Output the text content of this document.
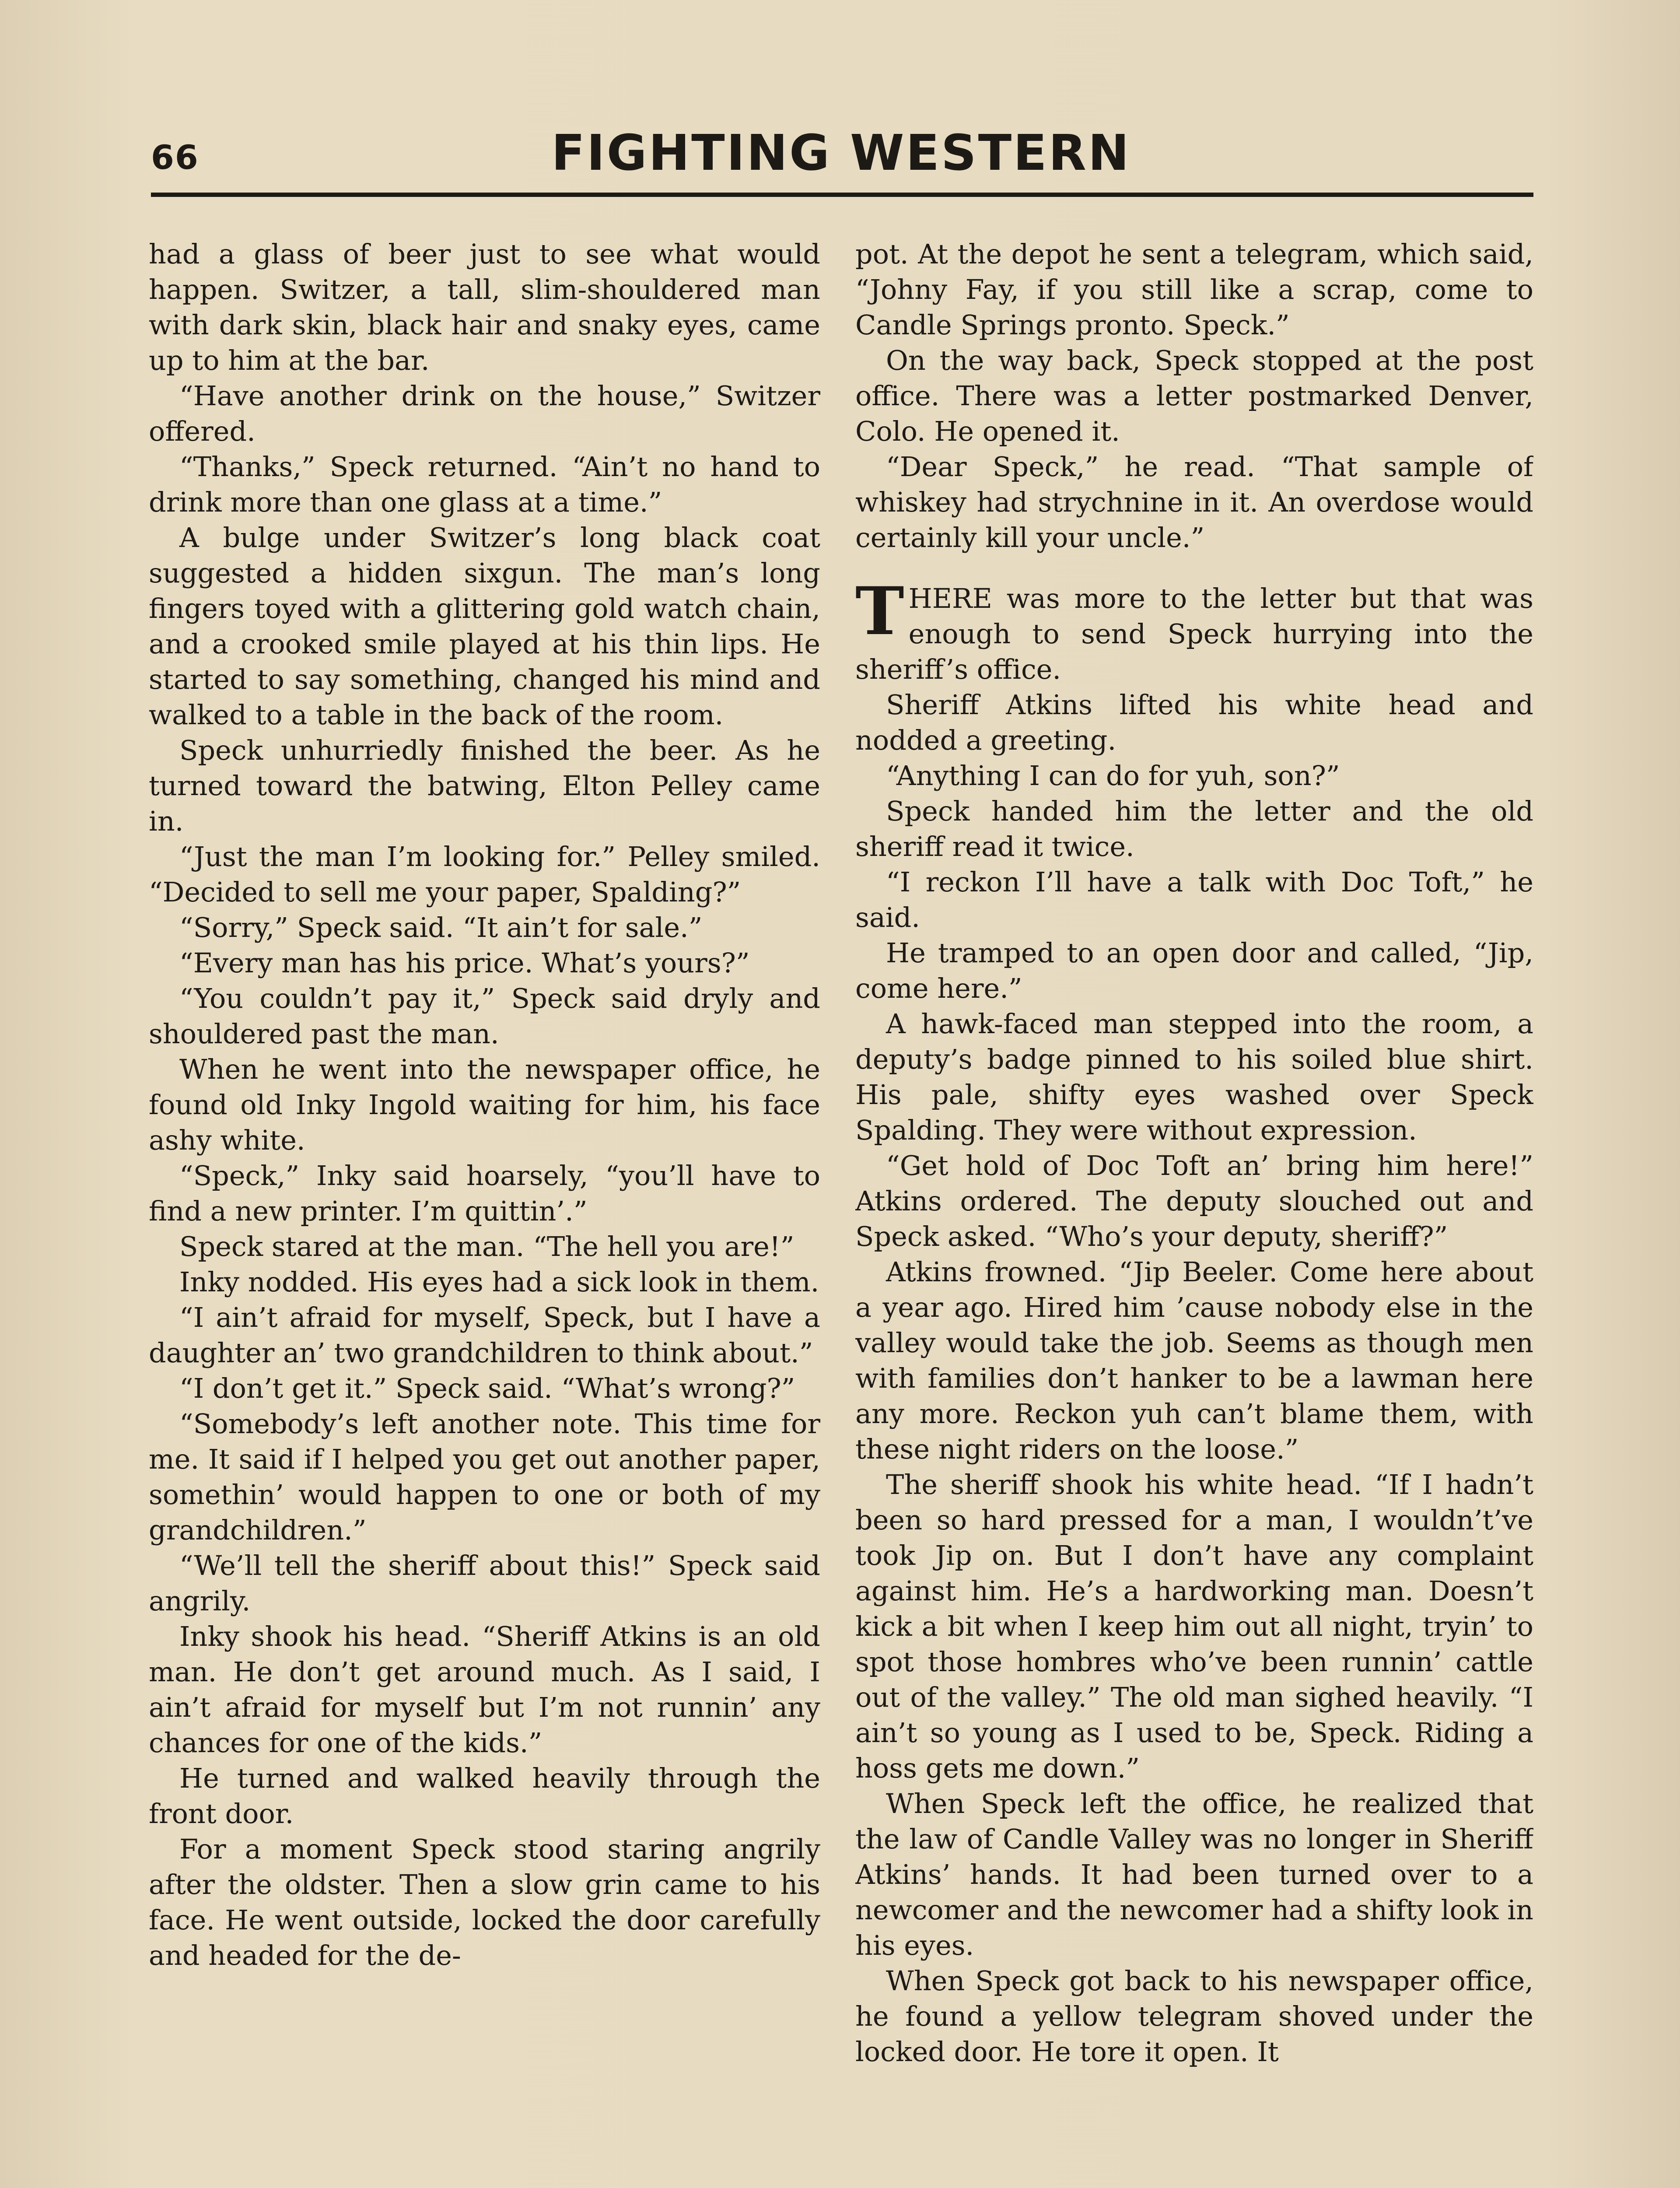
66	FIGHTING WESTERN

had a glass of beer just to see what would happen. Switzer, a tall, slim-shouldered man with dark skin, black hair and snaky eyes, came up to him at the bar.

“Have another drink on the house,” Switzer offered.

“Thanks,” Speck returned. “Ain’t no hand to drink more than one glass at a time.”

A bulge under Switzer’s long black coat suggested a hidden sixgun. The man’s long fingers toyed with a glittering gold watch chain, and a crooked smile played at his thin lips. He started to say something, changed his mind and walked to a table in the back of the room.

Speck unhurriedly finished the beer. As he turned toward the batwing, Elton Pelley came in.

“Just the man I’m looking for.” Pelley smiled. “Decided to sell me your paper, Spalding?”

“Sorry,” Speck said. “It ain’t for sale.”

“Every man has his price. What’s yours?”

“You couldn’t pay it,” Speck said dryly and shouldered past the man.

When he went into the newspaper office, he found old Inky Ingold waiting for him, his face ashy white.

“Speck,” Inky said hoarsely, “you’ll have to find a new printer. I’m quittin’.”

Speck stared at the man. “The hell you are!”

Inky nodded. His eyes had a sick look in them.

“I ain’t afraid for myself, Speck, but I have a daughter an’ two grandchildren to think about.”

“I don’t get it.” Speck said. “What’s wrong?”

“Somebody’s left another note. This time for me. It said if I helped you get out another paper, somethin’ would happen to one or both of my grandchildren.”

“We’ll tell the sheriff about this!” Speck said angrily.

Inky shook his head. “Sheriff Atkins is an old man. He don’t get around much. As I said, I ain’t afraid for myself but I’m not runnin’ any chances for one of the kids.”

He turned and walked heavily through the front door.

For a moment Speck stood staring angrily after the oldster. Then a slow grin came to his face. He went outside, locked the door carefully and headed for the de-

pot. At the depot he sent a telegram, which said, “Johny Fay, if you still like a scrap, come to Candle Springs pronto. Speck.”

On the way back, Speck stopped at the post office. There was a letter postmarked Denver, Colo. He opened it.

“Dear Speck,” he read. “That sample of whiskey had strychnine in it. An overdose would certainly kill your uncle.”

THERE was more to the letter but that was enough to send Speck hurrying into the sheriff’s office.

Sheriff Atkins lifted his white head and nodded a greeting.

“Anything I can do for yuh, son?”

Speck handed him the letter and the old sheriff read it twice.

“I reckon I’ll have a talk with Doc Toft,” he said.

He tramped to an open door and called, “Jip, come here.”

A hawk-faced man stepped into the room, a deputy’s badge pinned to his soiled blue shirt. His pale, shifty eyes washed over Speck Spalding. They were without expression.

“Get hold of Doc Toft an’ bring him here!” Atkins ordered. The deputy slouched out and Speck asked. “Who’s your deputy, sheriff?”

Atkins frowned. “Jip Beeler. Come here about a year ago. Hired him ’cause nobody else in the valley would take the job. Seems as though men with families don’t hanker to be a lawman here any more. Reckon yuh can’t blame them, with these night riders on the loose.”

The sheriff shook his white head. “If I hadn’t been so hard pressed for a man, I wouldn’t’ve took Jip on. But I don’t have any complaint against him. He’s a hardworking man. Doesn’t kick a bit when I keep him out all night, tryin’ to spot those hombres who’ve been runnin’ cattle out of the valley.” The old man sighed heavily. “I ain’t so young as I used to be, Speck. Riding a hoss gets me down.”

When Speck left the office, he realized that the law of Candle Valley was no longer in Sheriff Atkins’ hands. It had been turned over to a newcomer and the newcomer had a shifty look in his eyes.

When Speck got back to his newspaper office, he found a yellow telegram shoved under the locked door. He tore it open. It
